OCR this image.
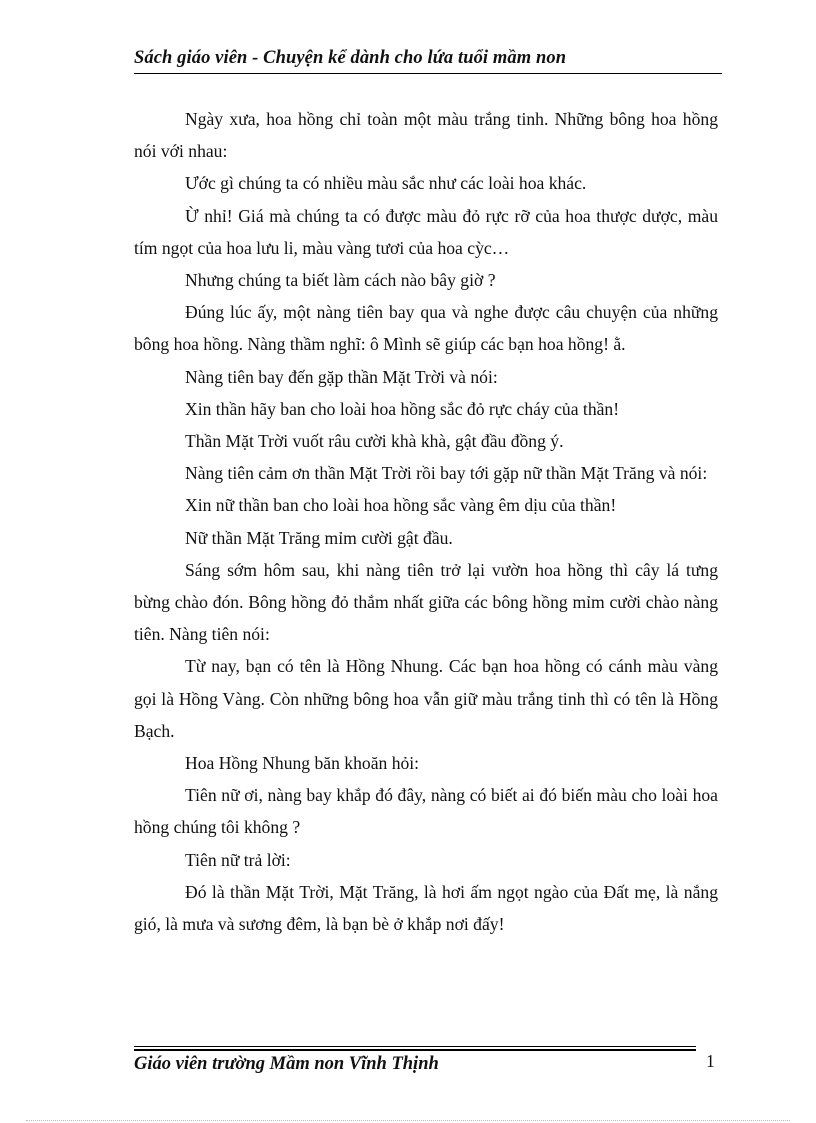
Sách giáo viên - Chuyện kể dành cho lứa tuổi mầm non

Ngày xưa, hoa hồng chỉ toàn một màu trắng tinh. Những bông hoa hồng nói với nhau:

Ước gì chúng ta có nhiều màu sắc như các loài hoa khác.

Ừ nhỉ! Giá mà chúng ta có được màu đỏ rực rỡ của hoa thược dược, màu tím ngọt của hoa lưu li, màu vàng tươi của hoa cỳc…

Nhưng chúng ta biết làm cách nào bây giờ ?

Đúng lúc ấy, một nàng tiên bay qua và nghe được câu chuyện của những bông hoa hồng. Nàng thầm nghĩ: ô Mình sẽ giúp các bạn hoa hồng! ằ.

Nàng tiên bay đến gặp thần Mặt Trời và nói:

Xin thần hãy ban cho loài hoa hồng sắc đỏ rực cháy của thần!

Thần Mặt Trời vuốt râu cười khà khà, gật đầu đồng ý.

Nàng tiên cảm ơn thần Mặt Trời rồi bay tới gặp nữ thần Mặt Trăng và nói:

Xin nữ thần ban cho loài hoa hồng sắc vàng êm dịu của thần!

Nữ thần Mặt Trăng mỉm cười gật đầu.

Sáng sớm hôm sau, khi nàng tiên trở lại vườn hoa hồng thì cây lá tưng bừng chào đón. Bông hồng đỏ thắm nhất giữa các bông hồng mỉm cười chào nàng tiên. Nàng tiên nói:

Từ nay, bạn có tên là Hồng Nhung. Các bạn hoa hồng có cánh màu vàng gọi là Hồng Vàng. Còn những bông hoa vẫn giữ màu trắng tinh thì có tên là Hồng Bạch.

Hoa Hồng Nhung băn khoăn hỏi:

Tiên nữ ơi, nàng bay khắp đó đây, nàng có biết ai đó biến màu cho loài hoa hồng chúng tôi không ?

Tiên nữ trả lời:

Đó là thần Mặt Trời, Mặt Trăng, là hơi ấm ngọt ngào của Đất mẹ, là nắng gió, là mưa và sương đêm, là bạn bè ở khắp nơi đấy!

Giáo viên trường Mầm non Vĩnh Thịnh	1
